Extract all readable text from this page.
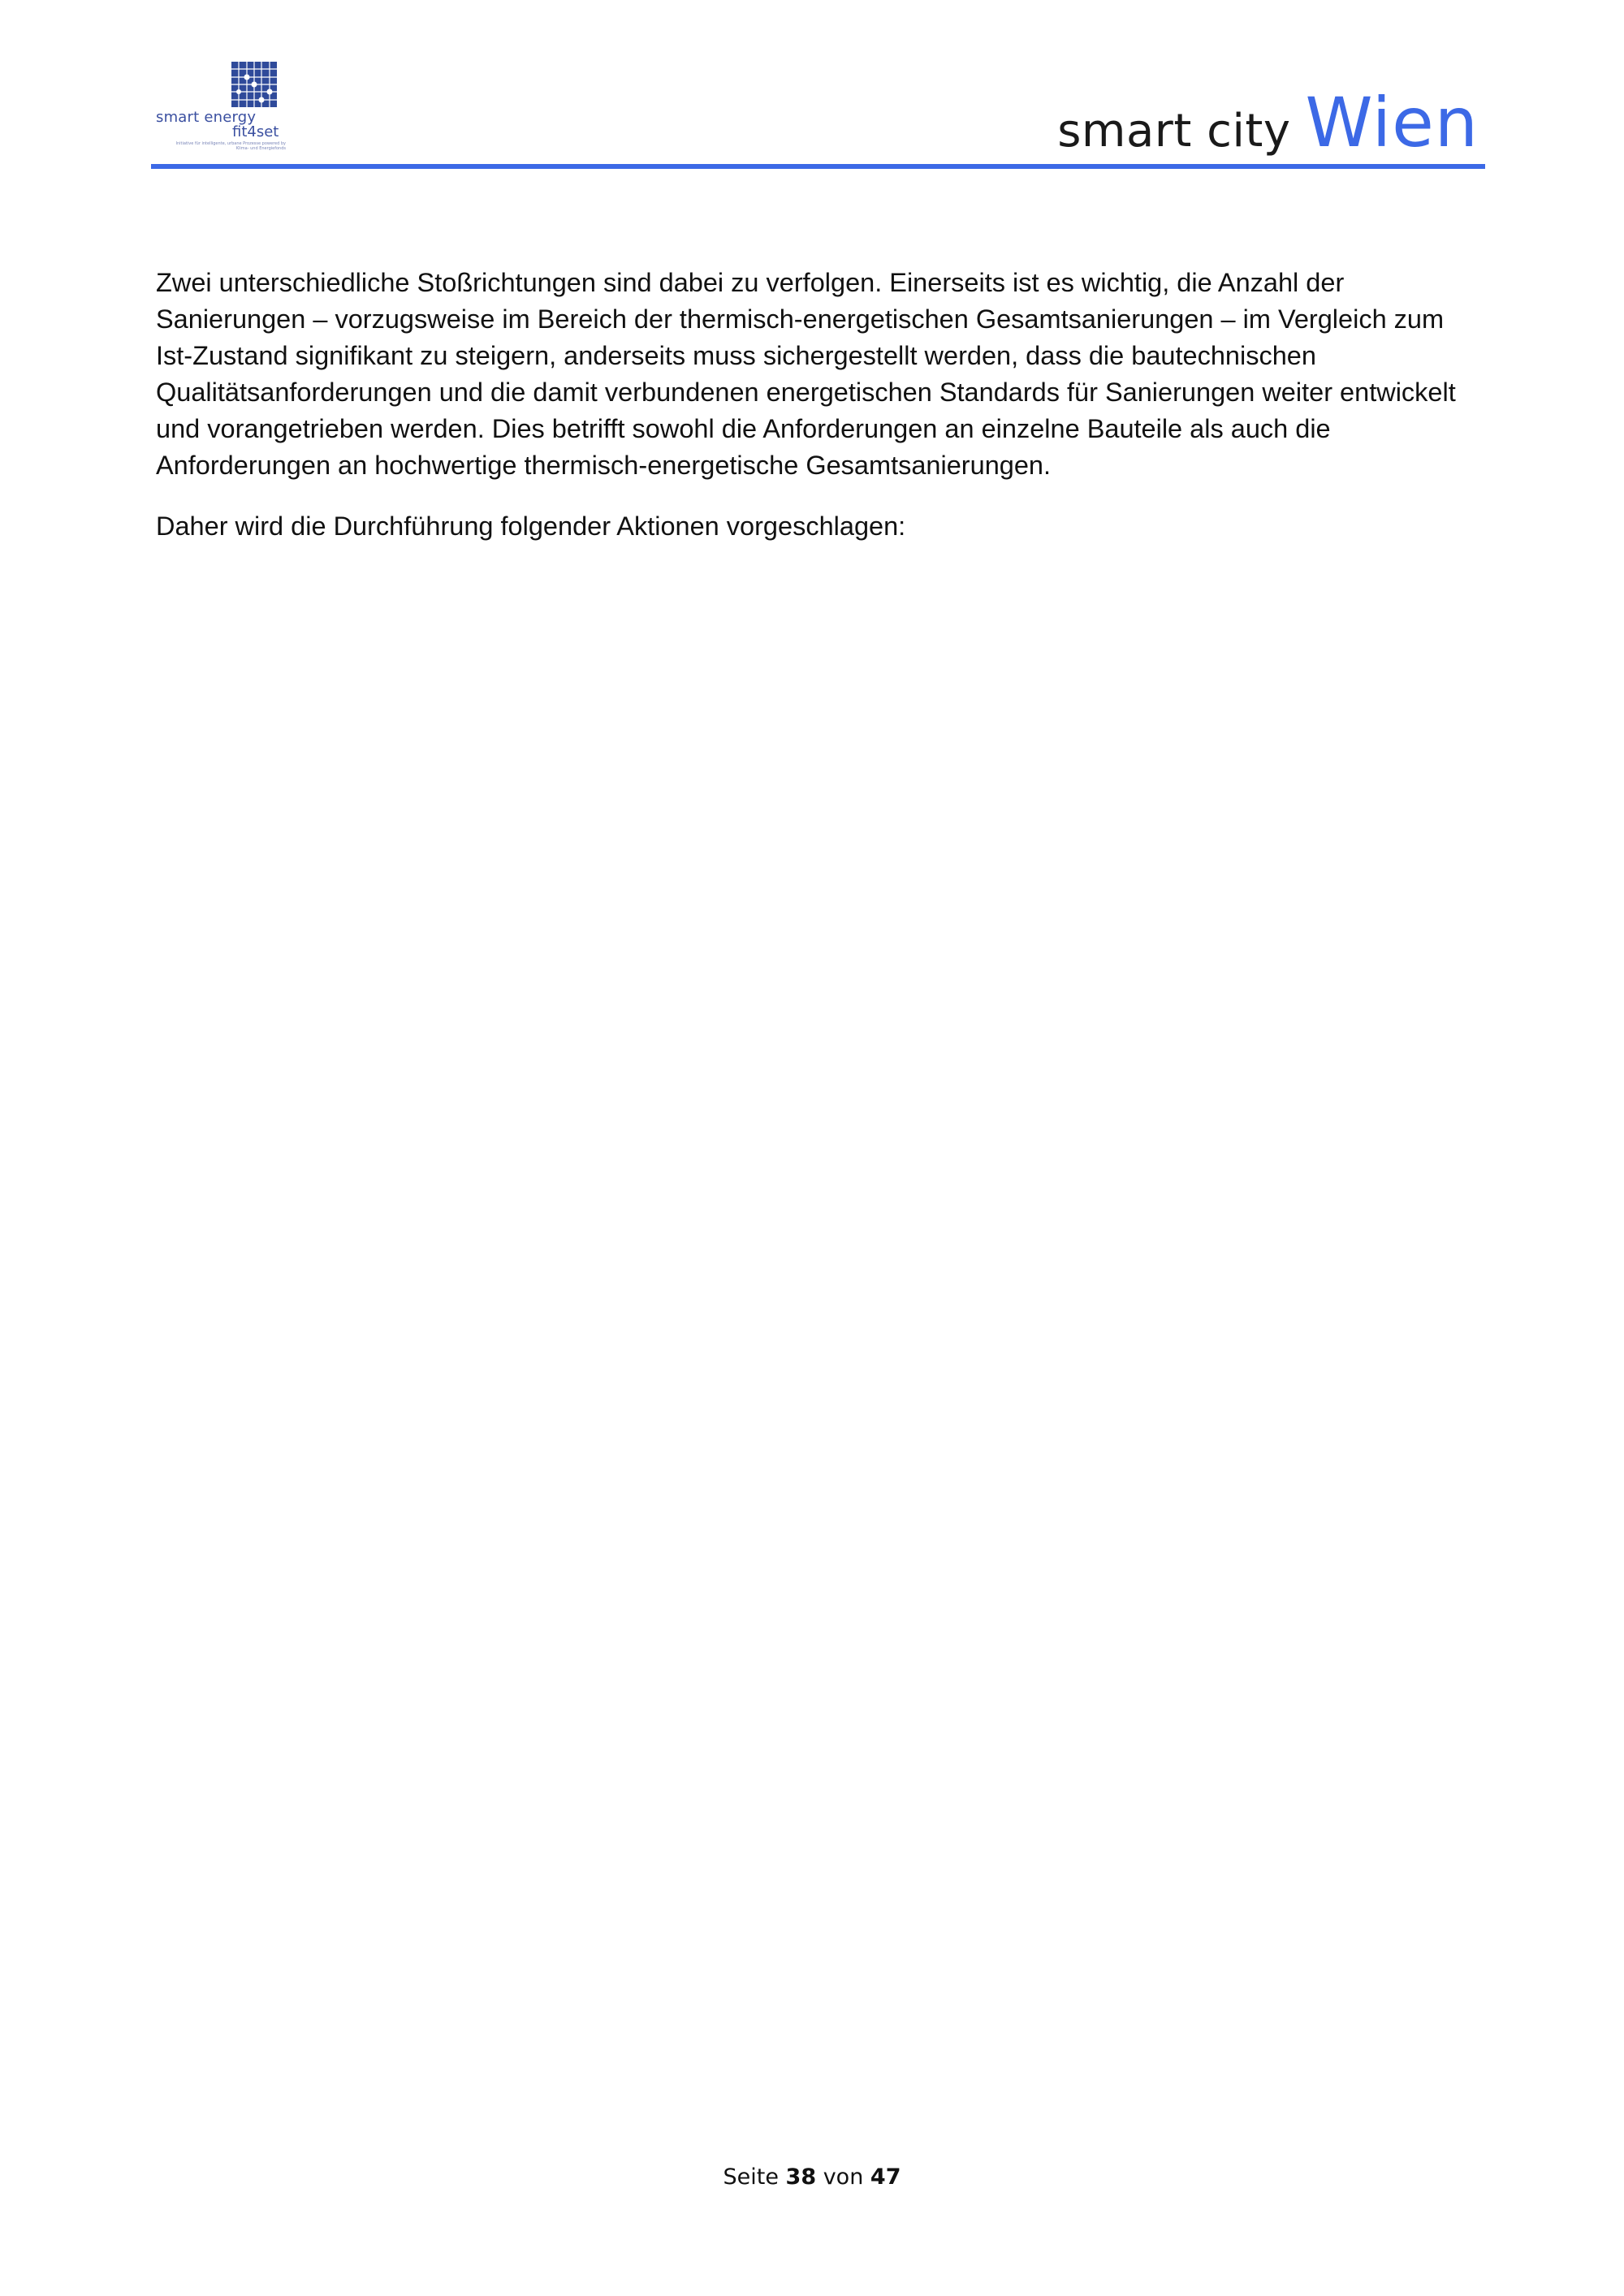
smart energy
fit4set
Initiative für intelligente, urbane Prozesse powered by Klima- und Energiefonds	smart city Wien

Zwei unterschiedliche Stoßrichtungen sind dabei zu verfolgen. Einerseits ist es wichtig, die Anzahl der Sanierungen – vorzugsweise im Bereich der thermisch-energetischen Gesamtsanierungen – im Vergleich zum Ist-Zustand signifikant zu steigern, anderseits muss sichergestellt werden, dass die bautechnischen Qualitätsanforderungen und die damit verbundenen energetischen Standards für Sanierungen weiter entwickelt und vorangetrieben werden. Dies betrifft sowohl die Anforderungen an einzelne Bauteile als auch die Anforderungen an hochwertige thermisch-energetische Gesamtsanierungen.

Daher wird die Durchführung folgender Aktionen vorgeschlagen:

Seite 38 von 47
